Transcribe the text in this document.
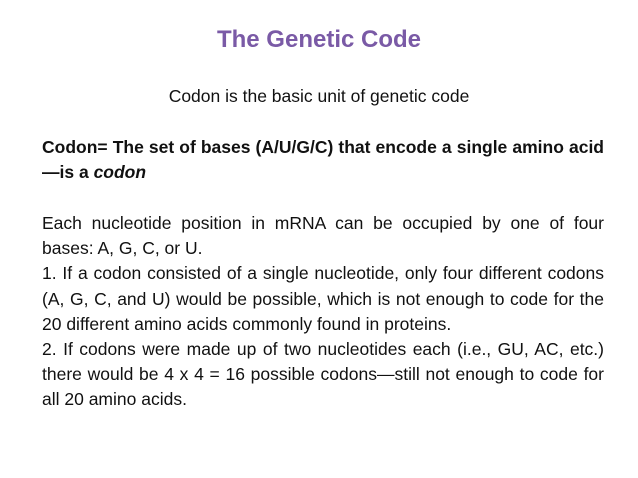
The Genetic Code
Codon is the basic unit of genetic code
Codon= The set of bases (A/U/G/C) that encode a single amino acid—is a codon

Each nucleotide position in mRNA can be occupied by one of four bases: A, G, C, or U.

1. If a codon consisted of a single nucleotide, only four different codons (A, G, C, and U) would be possible, which is not enough to code for the 20 different amino acids commonly found in proteins.

2. If codons were made up of two nucleotides each (i.e., GU, AC, etc.) there would be 4 x 4 = 16 possible codons—still not enough to code for all 20 amino acids.
